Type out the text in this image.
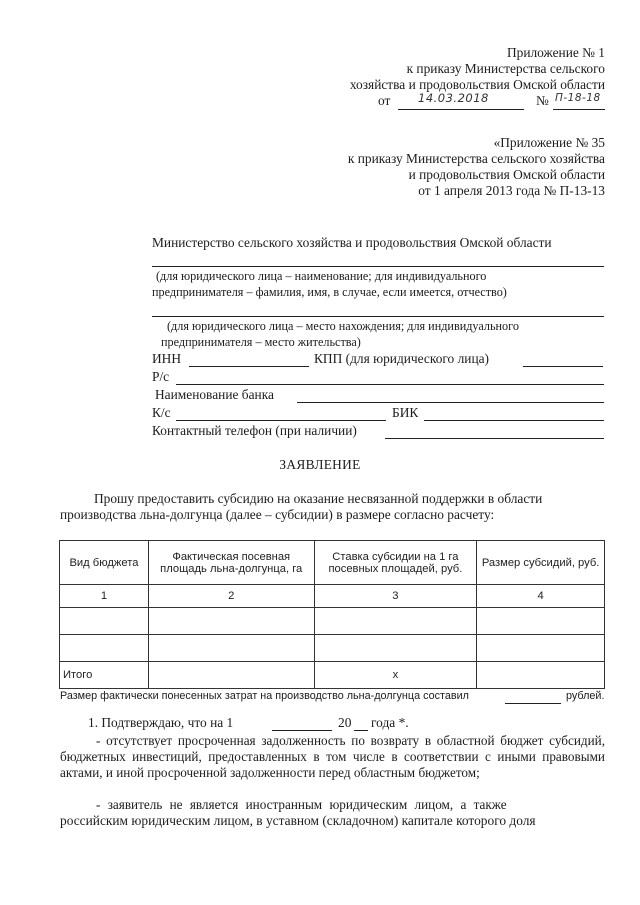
Приложение № 1
к приказу Министерства сельского
хозяйства и продовольствия Омской области
от 14.03.2018	№ П-18-18
«Приложение № 35
к приказу Министерства сельского хозяйства
и продовольствия Омской области
от 1 апреля 2013 года № П-13-13
Министерство сельского хозяйства и продовольствия Омской области
(для юридического лица – наименование; для индивидуального
предпринимателя – фамилия, имя, в случае, если имеется, отчество)
(для юридического лица – место нахождения; для индивидуального
предпринимателя – место жительства)
ИНН	КПП (для юридического лица)
Р/с
Наименование банка
К/с	БИК
Контактный телефон (при наличии)
ЗАЯВЛЕНИЕ
Прошу предоставить субсидию на оказание несвязанной поддержки в области
производства льна-долгунца (далее – субсидии) в размере согласно расчету:
Вид бюджета	Фактическая посевная площадь льна-долгунца, га	Ставка субсидии на 1 га посевных площадей, руб.	Размер субсидий, руб.
1	2	3	4

Итого		х	
Размер фактически понесенных затрат на производство льна-долгунца составил	рублей.
1. Подтверждаю, что на 1	20 года *.
- отсутствует просроченная задолженность по возврату в областной бюджет субсидий, бюджетных инвестиций, предоставленных в том числе в соответствии с иными правовыми актами, и иной просроченной задолженности перед областным бюджетом;
- заявитель не является иностранным юридическим лицом, а также
российским юридическим лицом, в уставном (складочном) капитале которого доля
